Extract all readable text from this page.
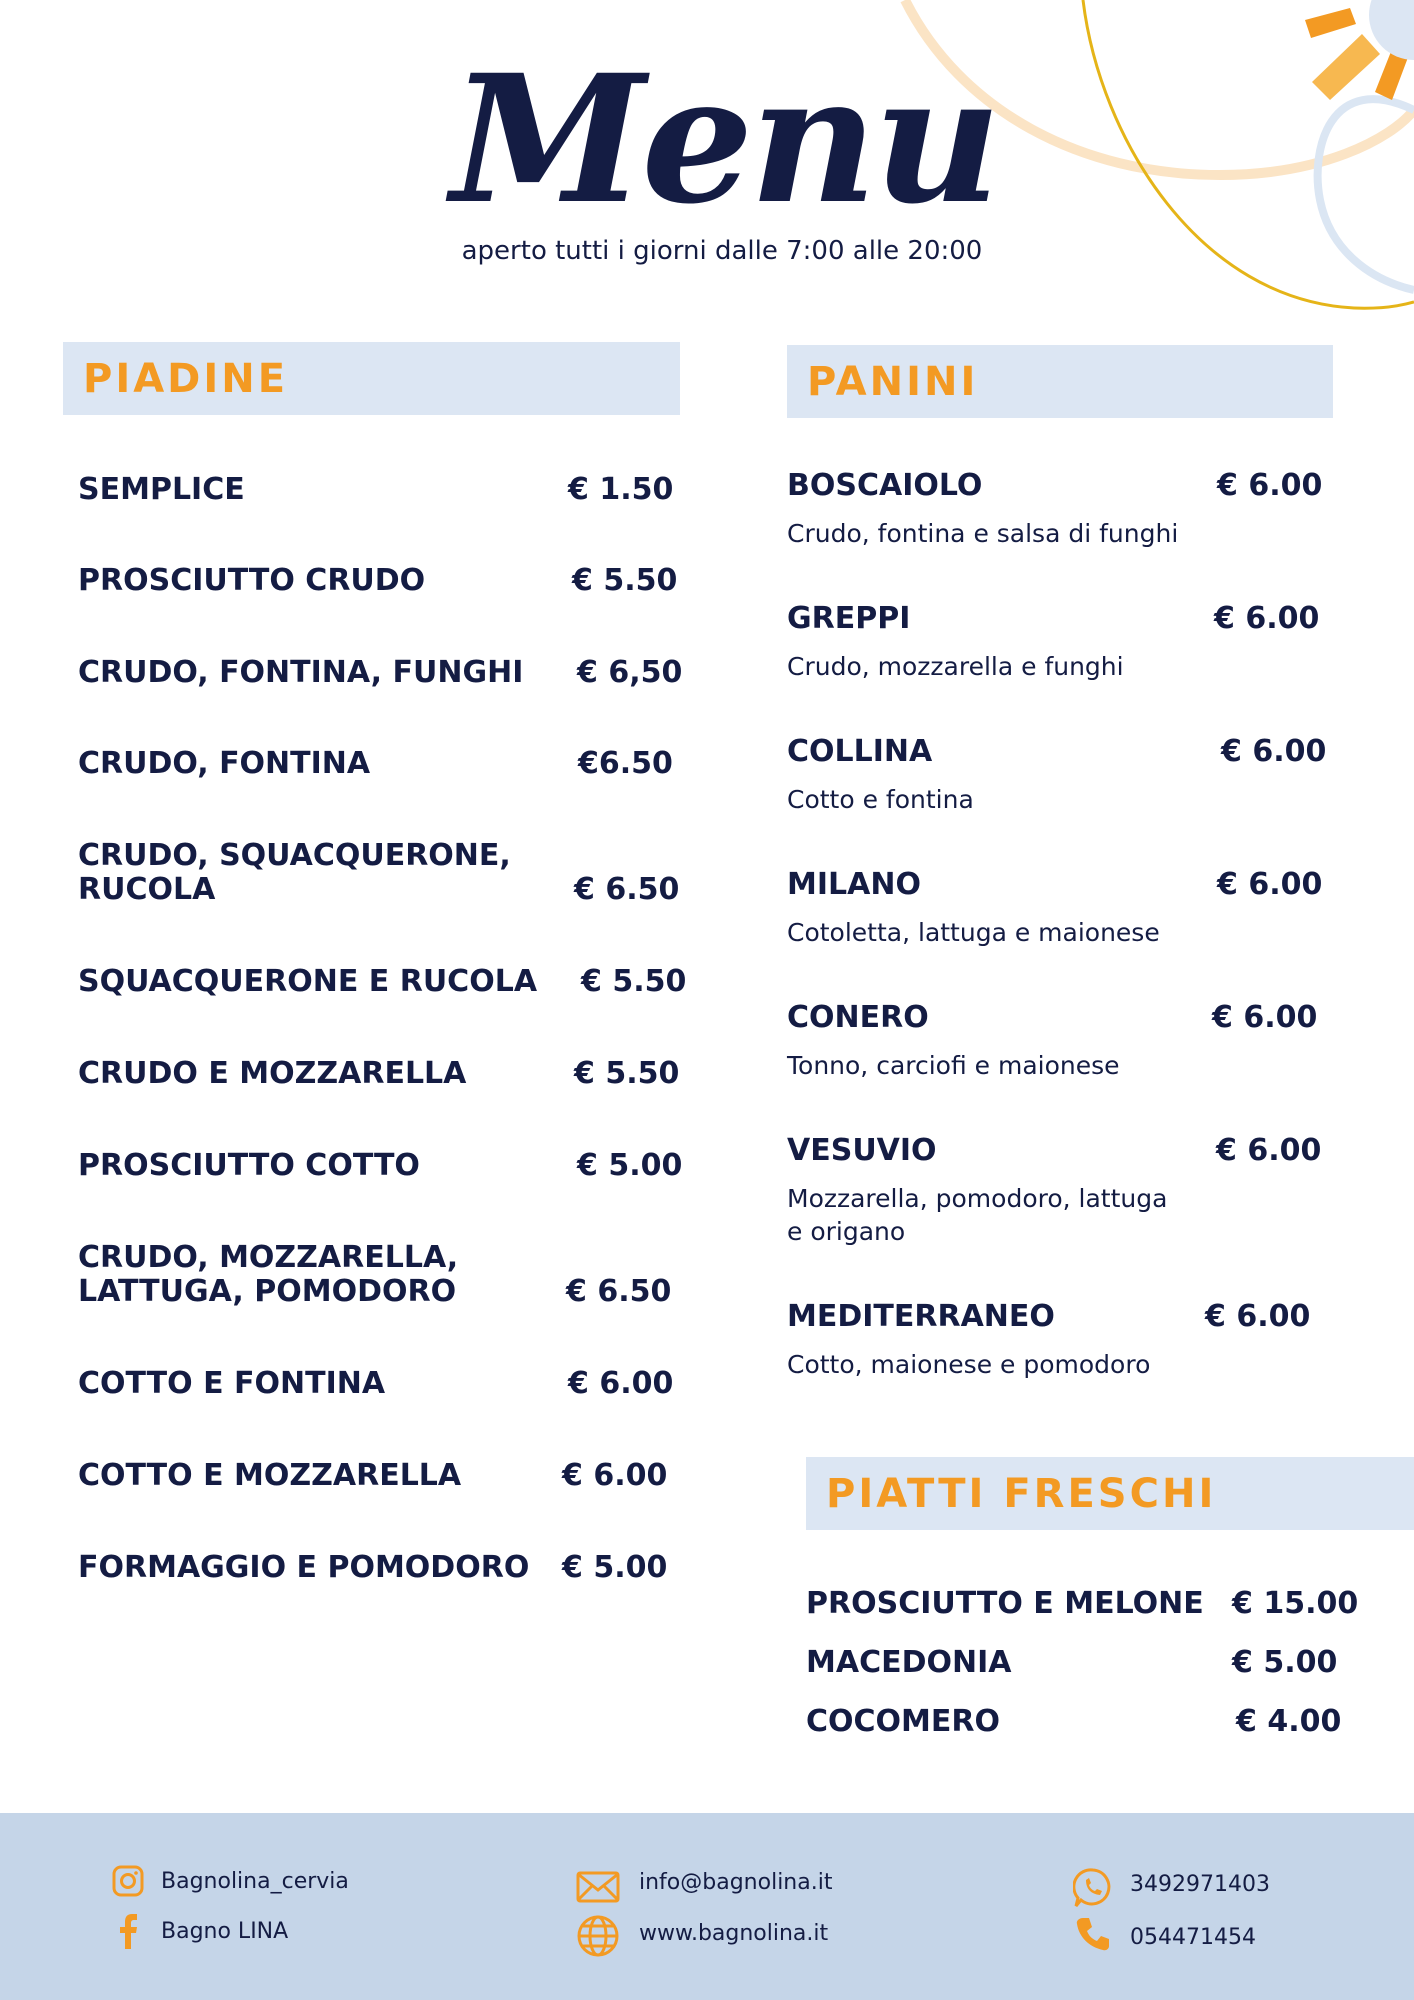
Menu
aperto tutti i giorni dalle 7:00 alle 20:00
PIADINE
SEMPLICE	€ 1.50
PROSCIUTTO CRUDO	€ 5.50
CRUDO, FONTINA, FUNGHI € 6,50
CRUDO, FONTINA	€6.50
CRUDO, SQUACQUERONE,
RUCOLA	€ 6.50
SQUACQUERONE E RUCOLA € 5.50
CRUDO E MOZZARELLA	€ 5.50
PROSCIUTTO COTTO	€ 5.00
CRUDO, MOZZARELLA,
LATTUGA, POMODORO	€ 6.50
COTTO E FONTINA	€ 6.00
COTTO E MOZZARELLA	€ 6.00
FORMAGGIO E POMODORO € 5.00
PANINI
BOSCAIOLO	€ 6.00
Crudo, fontina e salsa di funghi
GREPPI	€ 6.00
Crudo, mozzarella e funghi
COLLINA	€ 6.00
Cotto e fontina
MILANO	€ 6.00
Cotoletta, lattuga e maionese
CONERO	€ 6.00
Tonno, carciofi e maionese
VESUVIO	€ 6.00
Mozzarella, pomodoro, lattuga
e origano
MEDITERRANEO	€ 6.00
Cotto, maionese e pomodoro
PIATTI FRESCHI
PROSCIUTTO E MELONE € 15.00
MACEDONIA	€ 5.00
COCOMERO	€ 4.00
Bagnolina_cervia
Bagno LINA
info@bagnolina.it
www.bagnolina.it
3492971403
054471454
